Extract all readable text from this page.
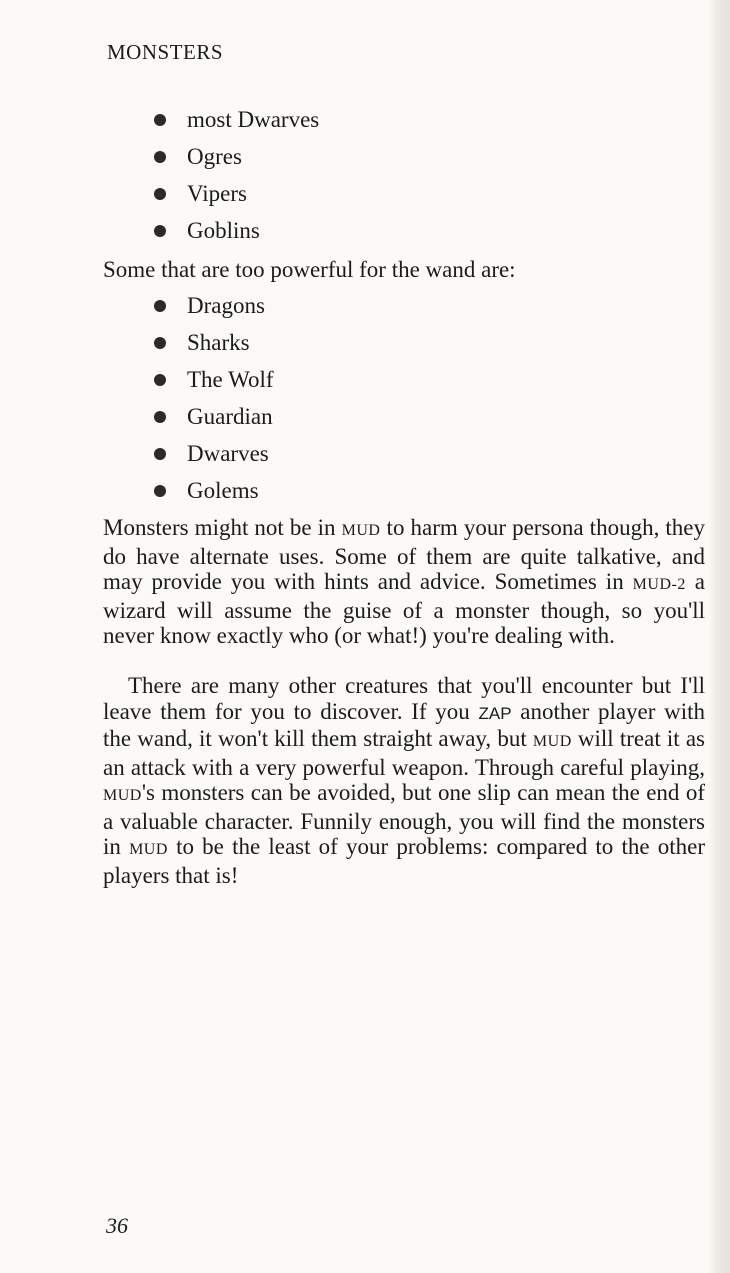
MONSTERS
most Dwarves
Ogres
Vipers
Goblins

Some that are too powerful for the wand are:

Dragons
Sharks
The Wolf
Guardian
Dwarves
Golems

Monsters might not be in MUD to harm your persona though, they do have alternate uses. Some of them are quite talkative, and may provide you with hints and advice. Sometimes in MUD-2 a wizard will assume the guise of a monster though, so you'll never know exactly who (or what!) you're dealing with.

There are many other creatures that you'll encounter but I'll leave them for you to discover. If you ZAP another player with the wand, it won't kill them straight away, but MUD will treat it as an attack with a very powerful weapon. Through careful playing, MUD's monsters can be avoided, but one slip can mean the end of a valuable character. Funnily enough, you will find the monsters in MUD to be the least of your problems: compared to the other players that is!

36
